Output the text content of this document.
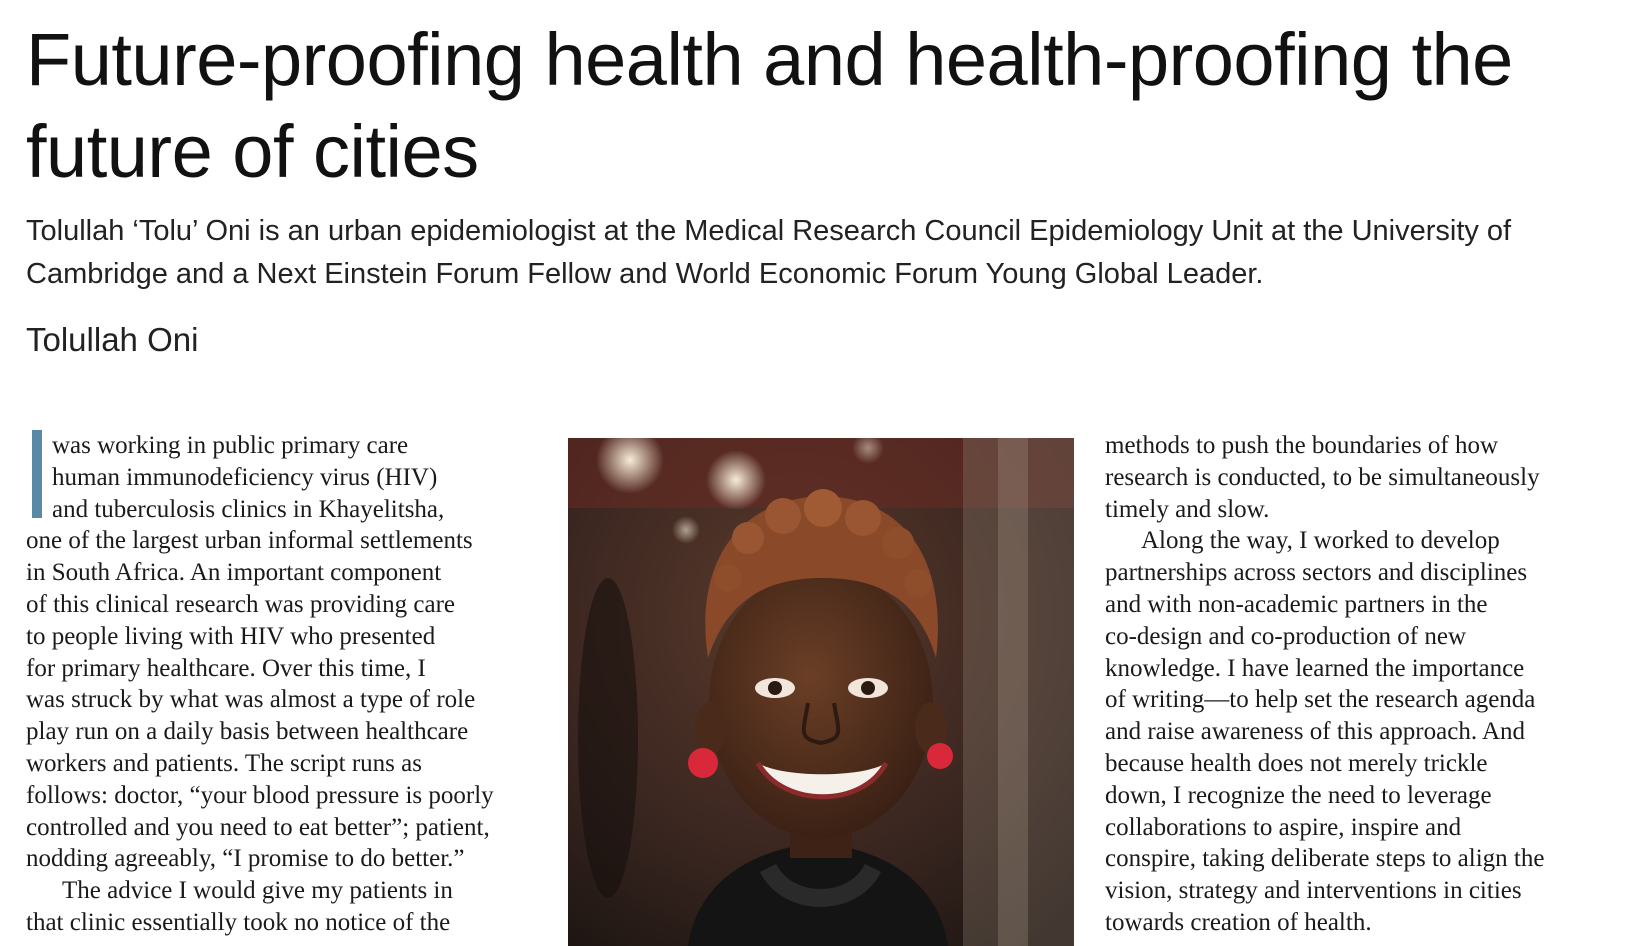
Future-proofing health and health-proofing the future of cities

Tolullah ‘Tolu’ Oni is an urban epidemiologist at the Medical Research Council Epidemiology Unit at the University of Cambridge and a Next Einstein Forum Fellow and World Economic Forum Young Global Leader.

Tolullah Oni

was working in public primary care
human immunodeficiency virus (HIV)
and tuberculosis clinics in Khayelitsha,
one of the largest urban informal settlements
in South Africa. An important component
of this clinical research was providing care
to people living with HIV who presented
for primary healthcare. Over this time, I
was struck by what was almost a type of role
play run on a daily basis between healthcare
workers and patients. The script runs as
follows: doctor, “your blood pressure is poorly
controlled and you need to eat better”; patient,
nodding agreeably, “I promise to do better.”
The advice I would give my patients in
that clinic essentially took no notice of the
methods to push the boundaries of how
research is conducted, to be simultaneously
timely and slow.
Along the way, I worked to develop
partnerships across sectors and disciplines
and with non-academic partners in the
co-design and co-production of new
knowledge. I have learned the importance
of writing—to help set the research agenda
and raise awareness of this approach. And
because health does not merely trickle
down, I recognize the need to leverage
collaborations to aspire, inspire and
conspire, taking deliberate steps to align the
vision, strategy and interventions in cities
towards creation of health.
